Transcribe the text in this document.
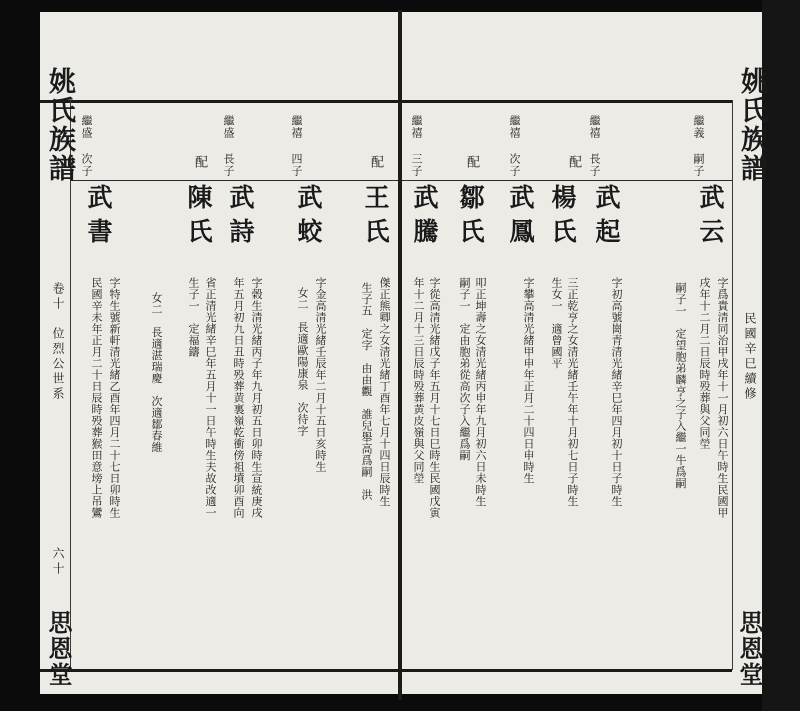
姚氏族譜
卷十　位烈公世系
六十
思恩堂
配
王氏
傑正熊卿之女清光緒丁酉年七月十四日辰時生
生子五　定字　由由觀　誰兒舉高爲嗣　洪
繼禧 四子
武蛟
字金高清光緒壬辰年二月十五日亥時生
女二　長適歐陽康泉　次待字
繼盛 長子
武詩
字榖生清光緒丙子年九月初五日卯時生宣統庚戌
年五月初九日丑時殁葬黄裏嶺乾衝傍祖墳卯酉向
配
陳氏
省正清光緒辛巳年五月十一日午時生夫故改適一
生子一　定福鑄
女二　長適湛瑞慶　次適鄒春維
繼盛 次子
武書
字特生號新軒清光緒乙酉年四月二十七日卯時生
民國辛未年正月二十日辰時殁葬猴田意塝上吊鸞
姚氏族譜
民國辛巳續修
思恩堂
繼義 嗣子
武云
字爲貴清同治甲戌年十一月初六日午時生民國甲
戌年十二月二日辰時殁葬與父同塋
嗣子一　定望胞弟麟亨之子入繼一牛爲嗣
繼禧 長子
武起
字初高號崗青清光緒辛巳年四月初十日子時生
配
楊氏
三正乾亨之女清光緒壬午年十月初七日子時生
生女一　適曾國平
繼禧 次子
武鳳
字攀高清光緒甲申年正月二十四日申時生
配
鄒氏
叩正坤壽之女清光緒丙申年九月初六日未時生
嗣子一　定由胞弟從高次子入繼爲嗣
繼禧 三子
武騰
字從高清光緒戊子年五月十七日巳時生民國戊寅
年十二月十三日辰時殁葬黄皮嶺與父同塋
